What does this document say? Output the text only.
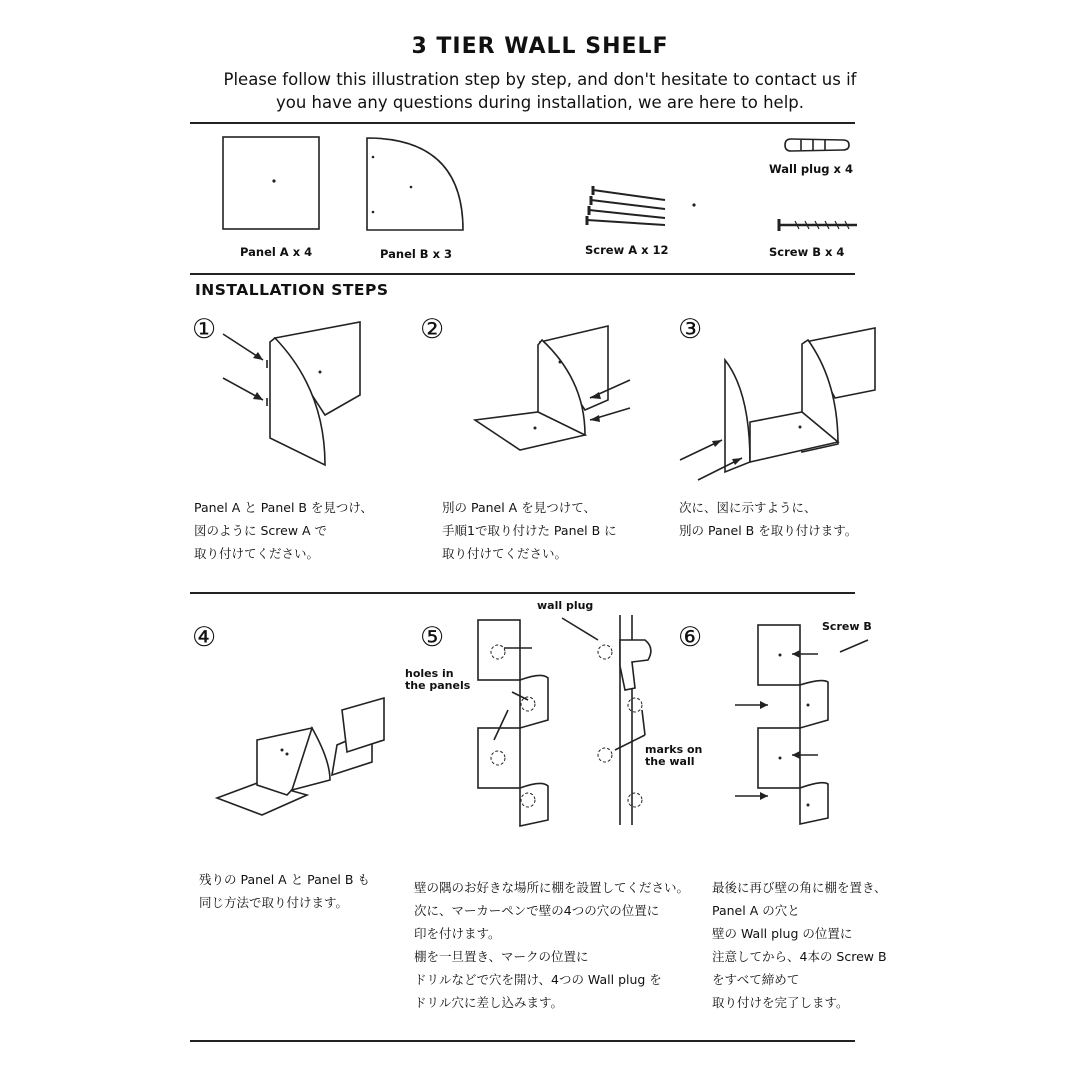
3 TIER WALL SHELF
Please follow this illustration step by step, and don't hesitate to contact us if
you have any questions during installation, we are here to help.
Panel A x 4	Panel B x 3	Screw A x 12
Wall plug x 4
Screw B x 4
INSTALLATION STEPS
①
Panel A と Panel B を見つけ、
図のように Screw A で
取り付けてください。
②
別の Panel A を見つけて、
手順1で取り付けた Panel B に
取り付けてください。
③
次に、図に示すように、
別の Panel B を取り付けます。
④
残りの Panel A と Panel B も
同じ方法で取り付けます。
⑤
wall plug
holes in
the panels
marks on
the wall
壁の隅のお好きな場所に棚を設置してください。
次に、マーカーペンで壁の4つの穴の位置に
印を付けます。
棚を一旦置き、マークの位置に
ドリルなどで穴を開け、4つの Wall plug を
ドリル穴に差し込みます。
⑥	Screw B
最後に再び壁の角に棚を置き、
Panel A の穴と
壁の Wall plug の位置に
注意してから、4本の Screw B
をすべて締めて
取り付けを完了します。
